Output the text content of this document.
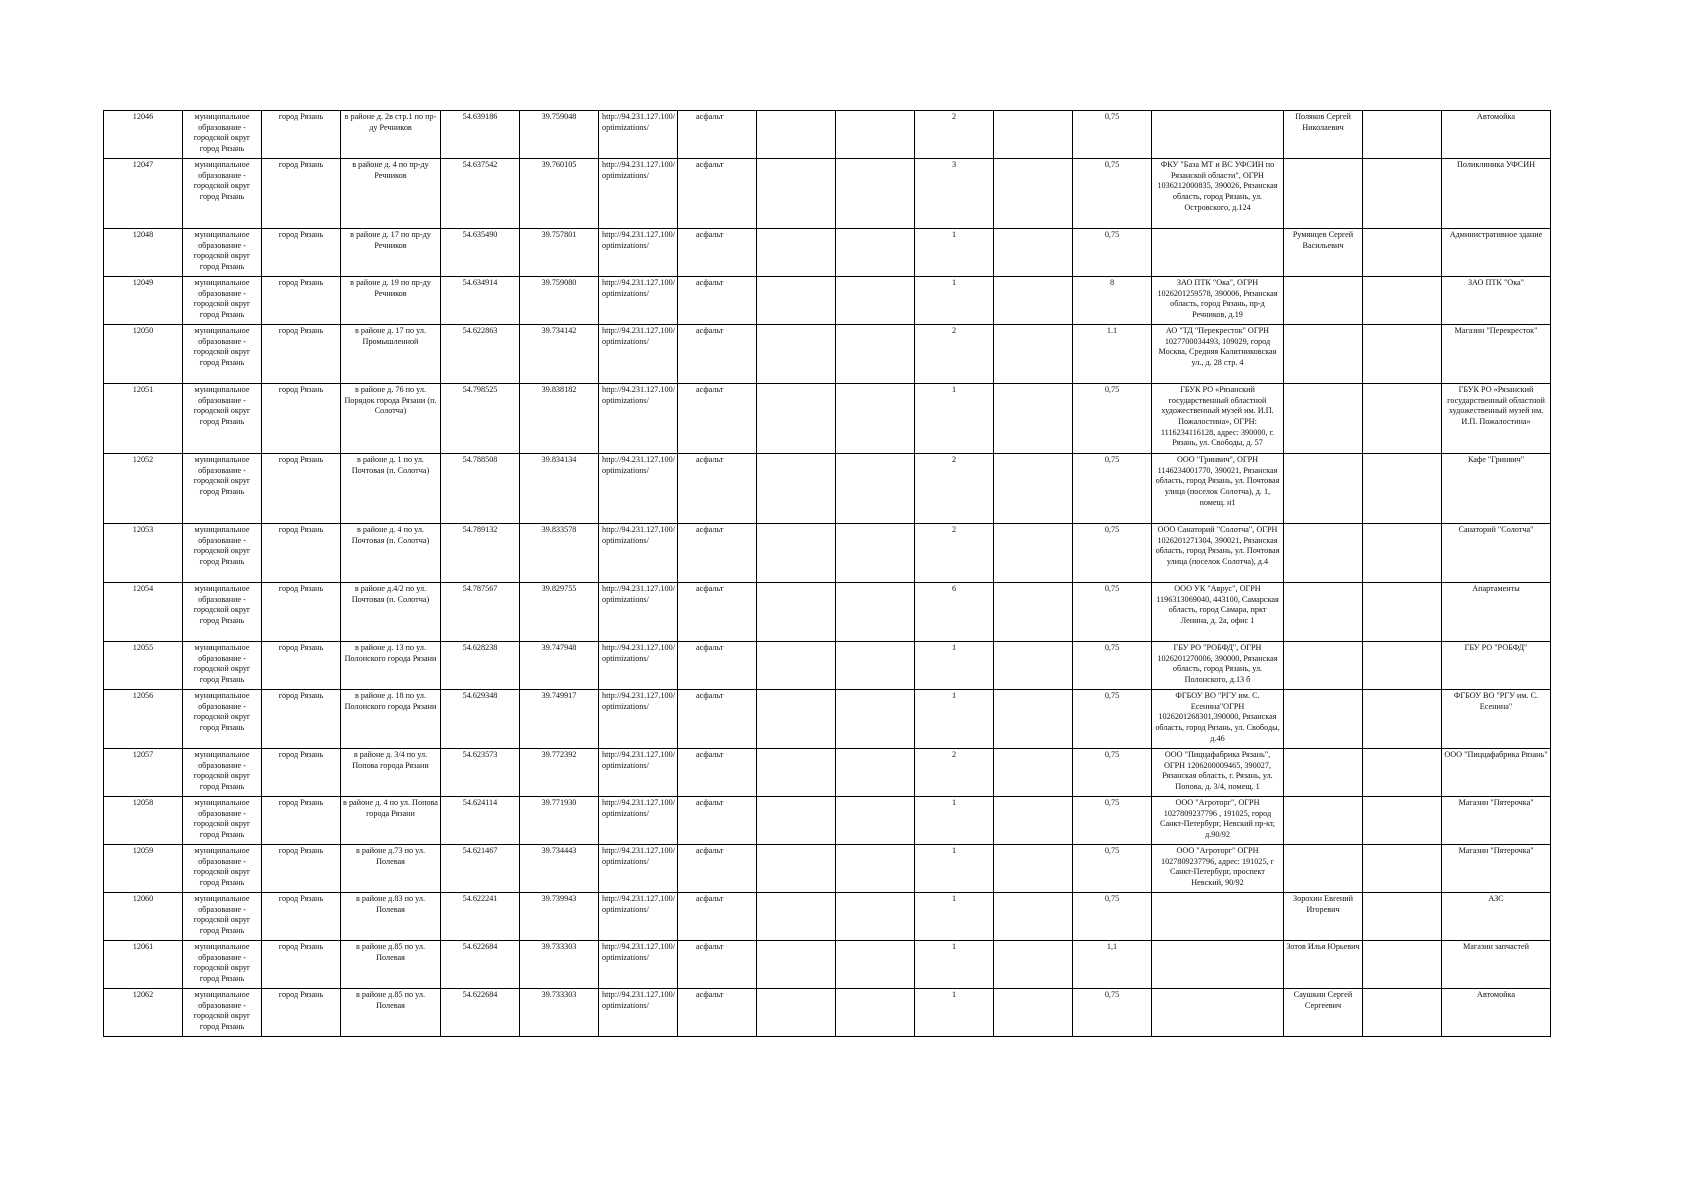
12046	муниципальное образование - городской округ город Рязань	город Рязань	в районе д. 2в стр.1 по пр-ду Речников	54.639186	39.759048	http://94.231.127.100/optimizations/	асфальт			2		0,75		Поляков Сергей Николаевич		Автомойка
12047	муниципальное образование - городской округ город Рязань	город Рязань	в районе д. 4 по пр-ду Речников	54.637542	39.760105	http://94.231.127.100/optimizations/	асфальт			3		0,75	ФКУ "База МТ и ВС УФСИН по Рязанской области", ОГРН 1036212000835, 390026, Рязанская область, город Рязань, ул. Островского, д.124			Поликлиника УФСИН
12048	муниципальное образование - городской округ город Рязань	город Рязань	в районе д. 17 по пр-ду Речников	54.635490	39.757801	http://94.231.127.100/optimizations/	асфальт			1		0,75		Румянцев Сергей Васильевич		Административное здание
12049	муниципальное образование - городской округ город Рязань	город Рязань	в районе д. 19 по пр-ду Речников	54.634914	39.759080	http://94.231.127.100/optimizations/	асфальт			1		8	ЗАО ПТК "Ока", ОГРН 1026201259578, 390006, Рязанская область, город Рязань, пр-д Речников, д.19			ЗАО ПТК "Ока"
12050	муниципальное образование - городской округ город Рязань	город Рязань	в районе д. 17 по ул. Промышленной	54.622863	39.734142	http://94.231.127.100/optimizations/	асфальт			2		1.1	АО "ТД "Перекресток" ОГРН 1027700034493, 109029, город Москва, Средняя Калитниковская ул., д. 28 стр. 4			Магазин "Перекресток"
12051	муниципальное образование - городской округ город Рязань	город Рязань	в районе д. 76 по ул. Порядок города Рязани (п. Солотча)	54.798525	39.838182	http://94.231.127.100/optimizations/	асфальт			1		0,75	ГБУК РО «Рязанский государственный областной художественный музей им. И.П. Пожалостина», ОГРН: 1116234116128, адрес: 390000, г. Рязань, ул. Свободы, д. 57			ГБУК РО «Рязанский государственный областной художественный музей им. И.П. Пожалостина»
12052	муниципальное образование - городской округ город Рязань	город Рязань	в районе д. 1 по ул. Почтовая (п. Солотча)	54.788508	39.834134	http://94.231.127.100/optimizations/	асфальт			2		0,75	ООО "Гринвич", ОГРН 1146234001770, 390021, Рязанская область, город Рязань, ул. Почтовая улица (поселок Солотча), д. 1, помещ. н1			Кафе "Гринвич"
12053	муниципальное образование - городской округ город Рязань	город Рязань	в районе д. 4 по ул. Почтовая (п. Солотча)	54.789132	39.833578	http://94.231.127.100/optimizations/	асфальт			2		0,75	ООО Санаторий "Солотча", ОГРН 1026201271304, 390021, Рязанская область, город Рязань, ул. Почтовая улица (поселок Солотча), д.4			Санаторий "Солотча"
12054	муниципальное образование - городской округ город Рязань	город Рязань	в районе д.4/2 по ул. Почтовая (п. Солотча)	54.787567	39.829755	http://94.231.127.100/optimizations/	асфальт			6		0,75	ООО УК "Аврус", ОГРН 1196313069040, 443100, Самарская область, город Самара, пркт Ленина, д. 2а, офис 1			Апартаменты
12055	муниципальное образование - городской округ город Рязань	город Рязань	в районе д. 13 по ул. Полонского города Рязани	54.628238	39.747948	http://94.231.127.100/optimizations/	асфальт			1		0,75	ГБУ РО "РОБФД", ОГРН 1026201270006, 390000, Рязанская область, город Рязань, ул. Полонского, д.13 б			ГБУ РО "РОБФД"
12056	муниципальное образование - городской округ город Рязань	город Рязань	в районе д. 18 по ул. Полонского города Рязани	54.629348	39.749917	http://94.231.127.100/optimizations/	асфальт			1		0,75	ФГБОУ ВО "РГУ им. С. Есенина"ОГРН 1026201268301,390000, Рязанская область, город Рязань, ул. Свободы, д.46			ФГБОУ ВО "РГУ им. С. Есенина"
12057	муниципальное образование - городской округ город Рязань	город Рязань	в районе д. 3/4 по ул. Попова города Рязани	54.623573	39.772392	http://94.231.127.100/optimizations/	асфальт			2		0,75	ООО "Пиццафабрика Рязань", ОГРН 1206200009465, 390027, Рязанская область, г. Рязань, ул. Попова, д. 3/4, помещ. 1			ООО "Пиццафабрика Рязань"
12058	муниципальное образование - городской округ город Рязань	город Рязань	в районе д. 4 по ул. Попова города Рязани	54.624114	39.771930	http://94.231.127.100/optimizations/	асфальт			1		0,75	ООО "Агроторг", ОГРН 1027809237796 , 191025, город Санкт-Петербург, Невский пр-кт, д.90/92			Магазин "Пятерочка"
12059	муниципальное образование - городской округ город Рязань	город Рязань	в районе д.73 по ул. Полевая	54.621467	39.734443	http://94.231.127.100/optimizations/	асфальт			1		0,75	ООО "Агроторг" ОГРН 1027809237796, адрес: 191025, г Санкт-Петербург, проспект Невский, 90/92			Магазин "Пятерочка"
12060	муниципальное образование - городской округ город Рязань	город Рязань	в районе д.83 по ул. Полевая	54.622241	39.739943	http://94.231.127.100/optimizations/	асфальт			1		0,75		Зорохин Евгений Игоревич		АЗС
12061	муниципальное образование - городской округ город Рязань	город Рязань	в районе д.85 по ул. Полевая	54.622684	39.733303	http://94.231.127.100/optimizations/	асфальт			1		1,1		Зотов Илья Юрьевич		Магазин запчастей
12062	муниципальное образование - городской округ город Рязань	город Рязань	в районе д.85 по ул. Полевая	54.622684	39.733303	http://94.231.127.100/optimizations/	асфальт			1		0,75		Саушкин Сергей Сергеевич		Автомойка
